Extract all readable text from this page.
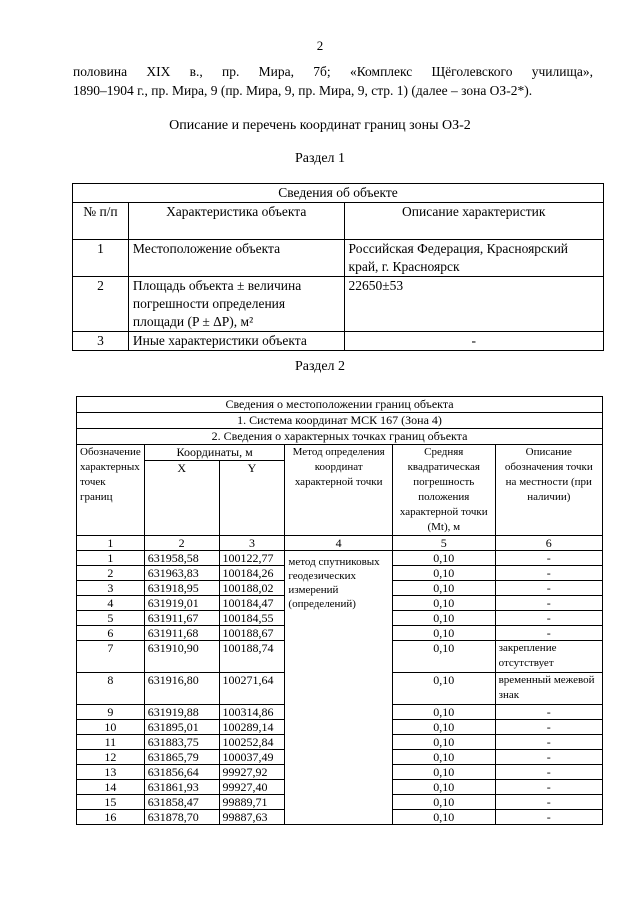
2
половина XIX в., пр. Мира, 7б; «Комплекс Щёголевского училища»,
1890–1904 г., пр. Мира, 9 (пр. Мира, 9, пр. Мира, 9, стр. 1) (далее – зона ОЗ-2*).
Описание и перечень координат границ зоны ОЗ-2
Раздел 1
Сведения об объекте		
№ п/п	Характеристика объекта	Описание характеристик
1	Местоположение объекта	Российская Федерация, Красноярский край, г. Красноярск
2	Площадь объекта ± величина погрешности определения площади (P ± ΔP), м²	22650±53
3	Иные характеристики объекта	-
Раздел 2
Сведения о местоположении границ объекта					
1. Система координат МСК 167 (Зона 4)					
2. Сведения о характерных точках границ объекта					
Обозначение характерных точек границ	Координаты, м		Метод определения координат характерной точки	Средняя квадратическая погрешность положения характерной точки (Mt), м	Описание обозначения точки на местности (при наличии)
	X	Y			
1	2	3	4	5	6
1	631958,58	100122,77	метод спутниковых геодезических измерений (определений)	0,10	-
2	631963,83	100184,26		0,10	-
3	631918,95	100188,02		0,10	-
4	631919,01	100184,47		0,10	-
5	631911,67	100184,55		0,10	-
6	631911,68	100188,67		0,10	-
7	631910,90	100188,74		0,10	закрепление отсутствует
8	631916,80	100271,64		0,10	временный межевой знак
9	631919,88	100314,86		0,10	-
10	631895,01	100289,14		0,10	-
11	631883,75	100252,84		0,10	-
12	631865,79	100037,49		0,10	-
13	631856,64	99927,92		0,10	-
14	631861,93	99927,40		0,10	-
15	631858,47	99889,71		0,10	-
16	631878,70	99887,63		0,10	-
